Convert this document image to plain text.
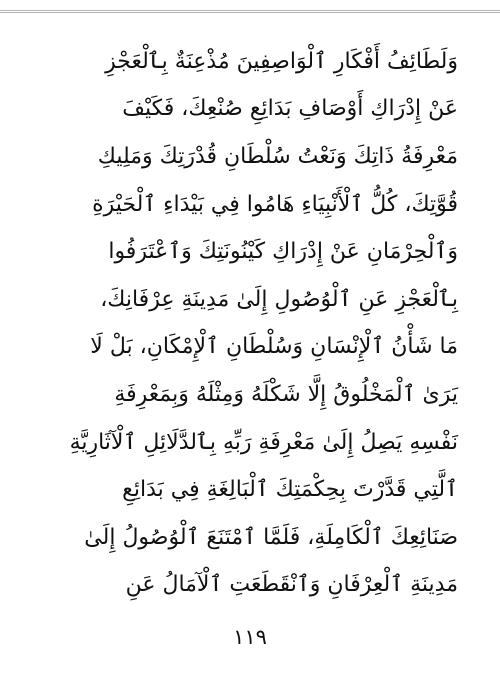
وَلَطَائِفُ أَفْكَارِ ٱلْوَاصِفِينَ مُذْعِنَةٌ بِٱلْعَجْزِ
عَنْ إِدْرَاكِ أَوْصَافِ بَدَائِعِ صُنْعِكَ، فَكَيْفَ
مَعْرِفَةُ ذَاتِكَ وَنَعْتُ سُلْطَانِ قُدْرَتِكَ وَمَلِيكِ
قُوَّتِكَ، كُلُّ ٱلْأَنْبِيَاءِ هَامُوا فِي بَيْدَاءِ ٱلْحَيْرَةِ
وَٱلْحِرْمَانِ عَنْ إِدْرَاكِ كَيْنُونَتِكَ وَٱعْتَرَفُوا
بِٱلْعَجْزِ عَنِ ٱلْوُصُولِ إِلَىٰ مَدِينَةِ عِرْفَانِكَ،
مَا شَأْنُ ٱلْإِنْسَانِ وَسُلْطَانِ ٱلْإِمْكَانِ، بَلْ لَا
يَرَىٰ ٱلْمَخْلُوقُ إِلَّا شَكْلَهُ وَمِثْلَهُ وَبِمَعْرِفَةِ
نَفْسِهِ يَصِلُ إِلَىٰ مَعْرِفَةِ رَبِّهِ بِٱلدَّلَائِلِ ٱلْآثَارِيَّةِ
ٱلَّتِي قَدَّرْتَ بِحِكْمَتِكَ ٱلْبَالِغَةِ فِي بَدَائِعِ
صَنَائِعِكَ ٱلْكَامِلَةِ، فَلَمَّا ٱمْتَنَعَ ٱلْوُصُولُ إِلَىٰ
مَدِينَةِ ٱلْعِرْفَانِ وَٱنْقَطَعَتِ ٱلْآمَالُ عَنِ
١١٩
